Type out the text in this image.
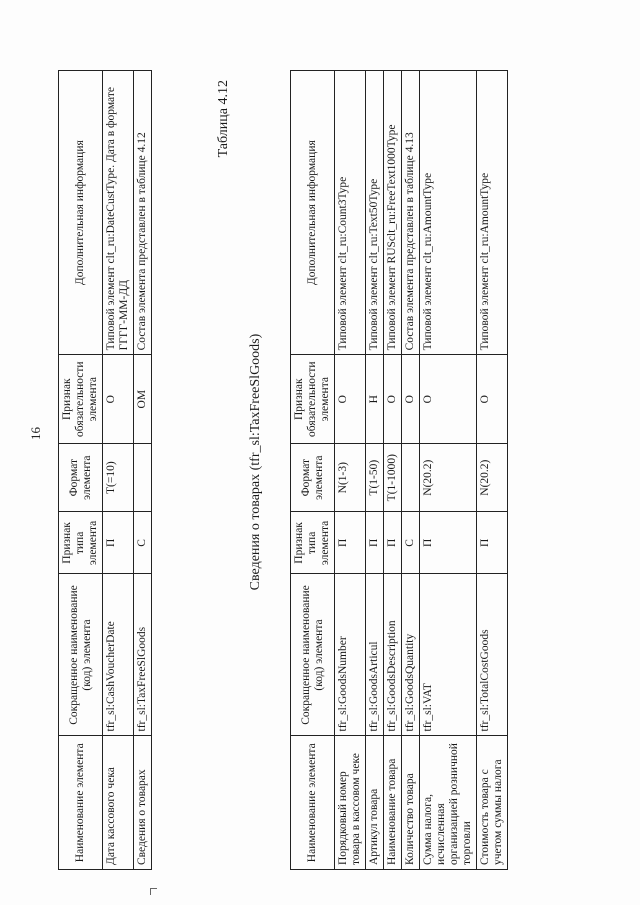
16
Наименование элемента	Сокращенное наименование (код) элемента	Признак типа элемента	Формат элемента	Признак обязательности элемента	Дополнительная информация
Дата кассового чека	tfr_sl:CashVoucherDate	П	T(=10)	О	Типовой элемент clt_ru:DateCustType. Дата в формате ГГГГ-ММ-ДД
Сведения о товарах	tfr_sl:TaxFreeSlGoods	С		ОМ	Состав элемента представлен в таблице 4.12
Таблица 4.12
Сведения о товарах (tfr_sl:TaxFreeSlGoods)
Наименование элемента	Сокращенное наименование (код) элемента	Признак типа элемента	Формат элемента	Признак обязательности элемента	Дополнительная информация
Порядковый номер товара в кассовом чеке	tfr_sl:GoodsNumber	П	N(1-3)	О	Типовой элемент clt_ru:Count3Type
Артикул товара	tfr_sl:GoodsArticul	П	T(1-50)	Н	Типовой элемент clt_ru:Text50Type
Наименование товара	tfr_sl:GoodsDescription	П	T(1-1000)	О	Типовой элемент RUSclt_ru:FreeText1000Type
Количество товара	tfr_sl:GoodsQuantity	С		О	Состав элемента представлен в таблице 4.13
Сумма налога, исчисленная организацией розничной торговли	tfr_sl:VAT	П	N(20.2)	О	Типовой элемент clt_ru:AmountType
Стоимость товара с учетом суммы налога	tfr_sl:TotalCostGoods	П	N(20.2)	О	Типовой элемент clt_ru:AmountType
